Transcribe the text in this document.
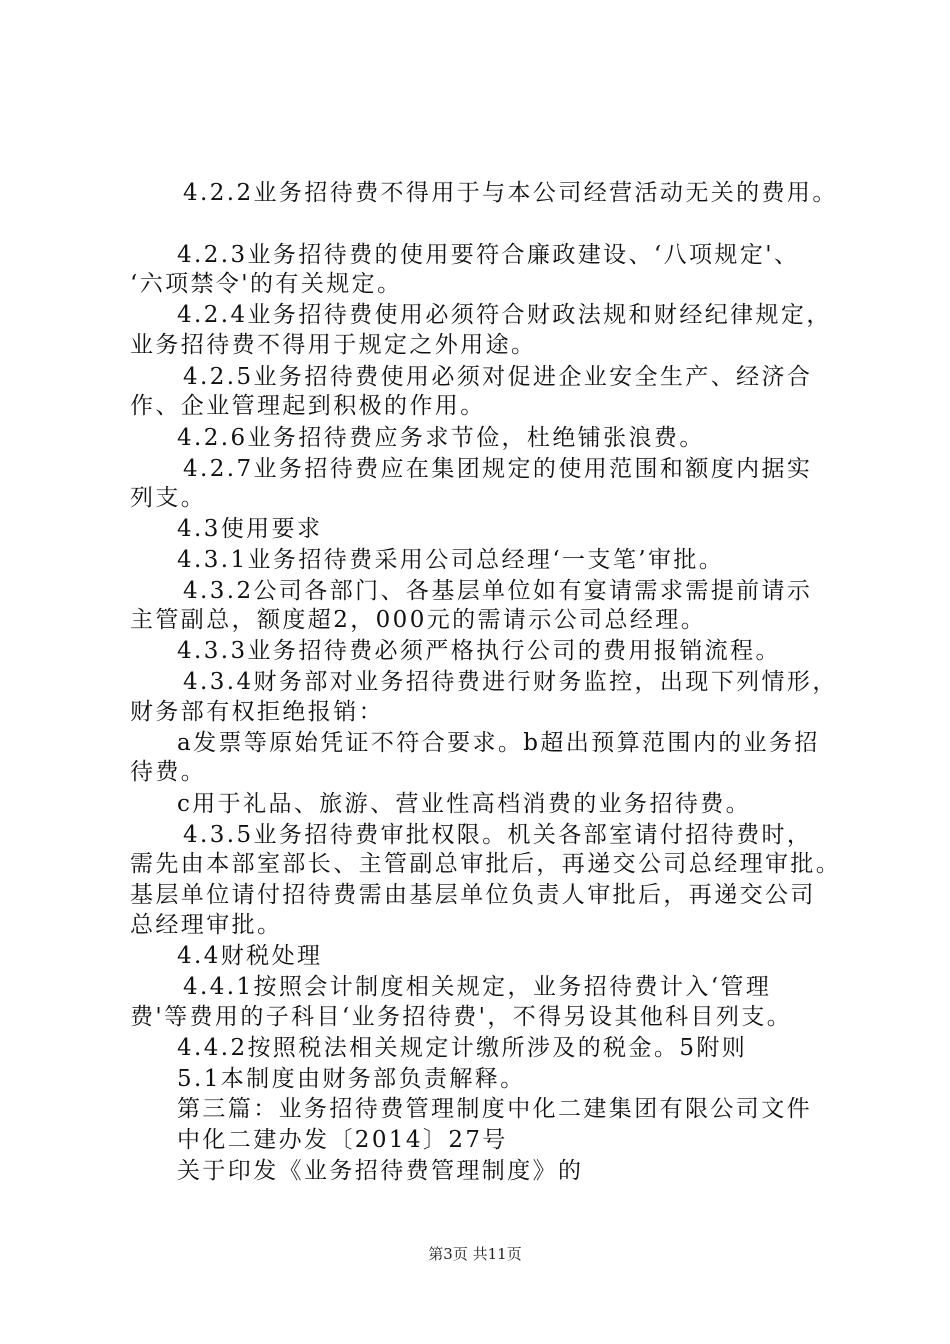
4.2.2业务招待费不得用于与本公司经营活动无关的费用。

4.2.3业务招待费的使用要符合廉政建设、‘八项规定'、

‘六项禁令'的有关规定。

4.2.4业务招待费使用必须符合财政法规和财经纪律规定，

业务招待费不得用于规定之外用途。

4.2.5业务招待费使用必须对促进企业安全生产、经济合

作、企业管理起到积极的作用。

4.2.6业务招待费应务求节俭，杜绝铺张浪费。

4.2.7业务招待费应在集团规定的使用范围和额度内据实

列支。

4.3使用要求

4.3.1业务招待费采用公司总经理‘一支笔’审批。

4.3.2公司各部门、各基层单位如有宴请需求需提前请示

主管副总，额度超2，000元的需请示公司总经理。

4.3.3业务招待费必须严格执行公司的费用报销流程。

4.3.4财务部对业务招待费进行财务监控，出现下列情形，

财务部有权拒绝报销：

a发票等原始凭证不符合要求。b超出预算范围内的业务招

待费。

c用于礼品、旅游、营业性高档消费的业务招待费。

4.3.5业务招待费审批权限。机关各部室请付招待费时，

需先由本部室部长、主管副总审批后，再递交公司总经理审批。

基层单位请付招待费需由基层单位负责人审批后，再递交公司

总经理审批。

4.4财税处理

4.4.1按照会计制度相关规定，业务招待费计入‘管理

费'等费用的子科目‘业务招待费'，不得另设其他科目列支。

4.4.2按照税法相关规定计缴所涉及的税金。5附则

5.1本制度由财务部负责解释。

第三篇：业务招待费管理制度中化二建集团有限公司文件

中化二建办发〔2014〕27号

关于印发《业务招待费管理制度》的

第3页 共11页
